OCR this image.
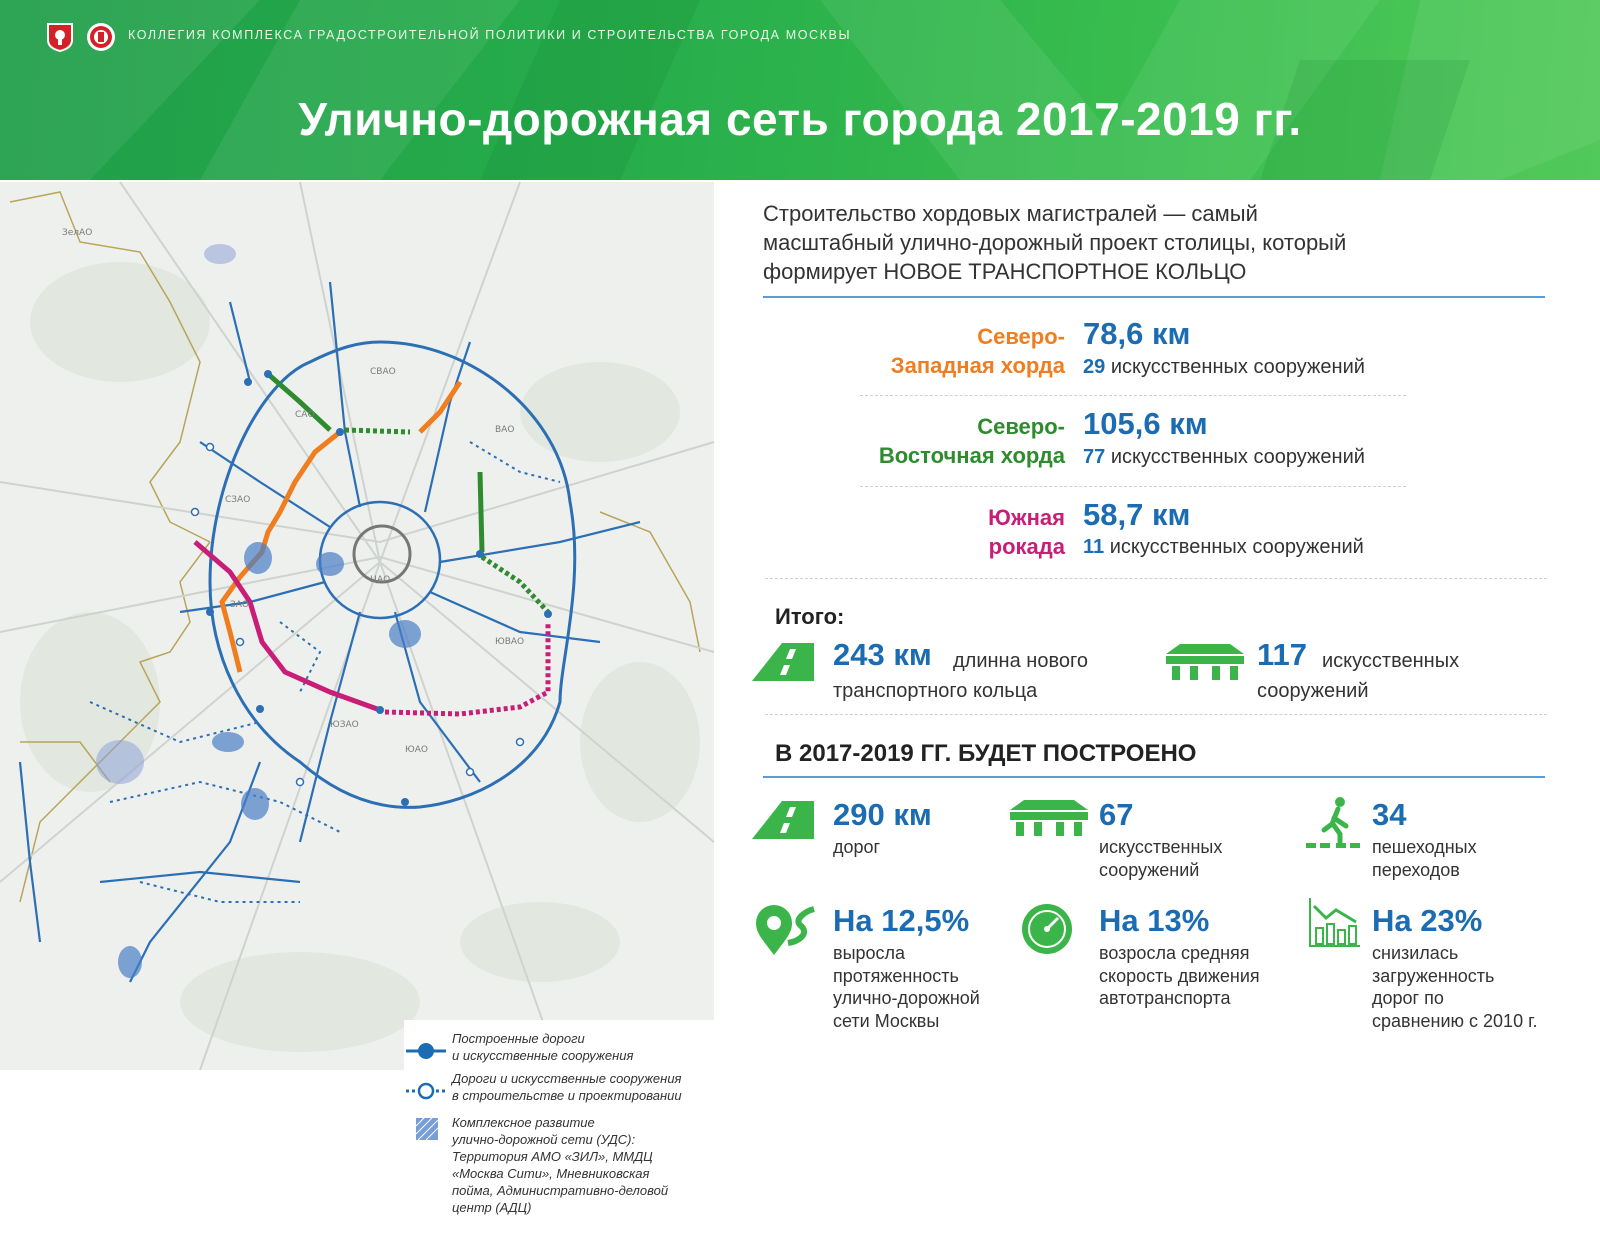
КОЛЛЕГИЯ КОМПЛЕКСА ГРАДОСТРОИТЕЛЬНОЙ ПОЛИТИКИ И СТРОИТЕЛЬСТВА ГОРОДА МОСКВЫ
Улично-дорожная сеть города 2017-2019 гг.
ЗелАО
ЦАО
САО
СВАО
ВАО
ЮВАО
ЮАО
ЮЗАО
ЗАО
СЗАО
Построенные дороги
и искусственные сооружения
Дороги и искусственные сооружения
в строительстве и проектировании
Комплексное развитие
улично-дорожной сети (УДС):
Территория АМО «ЗИЛ», ММДЦ
«Москва Сити», Мневниковская
пойма, Административно-деловой
центр (АДЦ)
Строительство хордовых магистралей — самый
масштабный улично-дорожный проект столицы, который
формирует НОВОЕ ТРАНСПОРТНОЕ КОЛЬЦО
Северо-
Западная хорда
78,6 км
29 искусственных сооружений
Северо-
Восточная хорда
105,6 км
77 искусственных сооружений
Южная
рокада
58,7 км
11 искусственных сооружений
Итого:
243 км длинна нового
транспортного кольца
117 искусственных
сооружений
В 2017-2019 ГГ. БУДЕТ ПОСТРОЕНО
290 км
дорог
67
искусственных
сооружений
34
пешеходных
переходов
На 12,5%
выросла
протяженность
улично-дорожной
сети Москвы
На 13%
возросла средняя
скорость движения
автотранспорта
На 23%
снизилась
загруженность
дорог по
сравнению с 2010 г.
